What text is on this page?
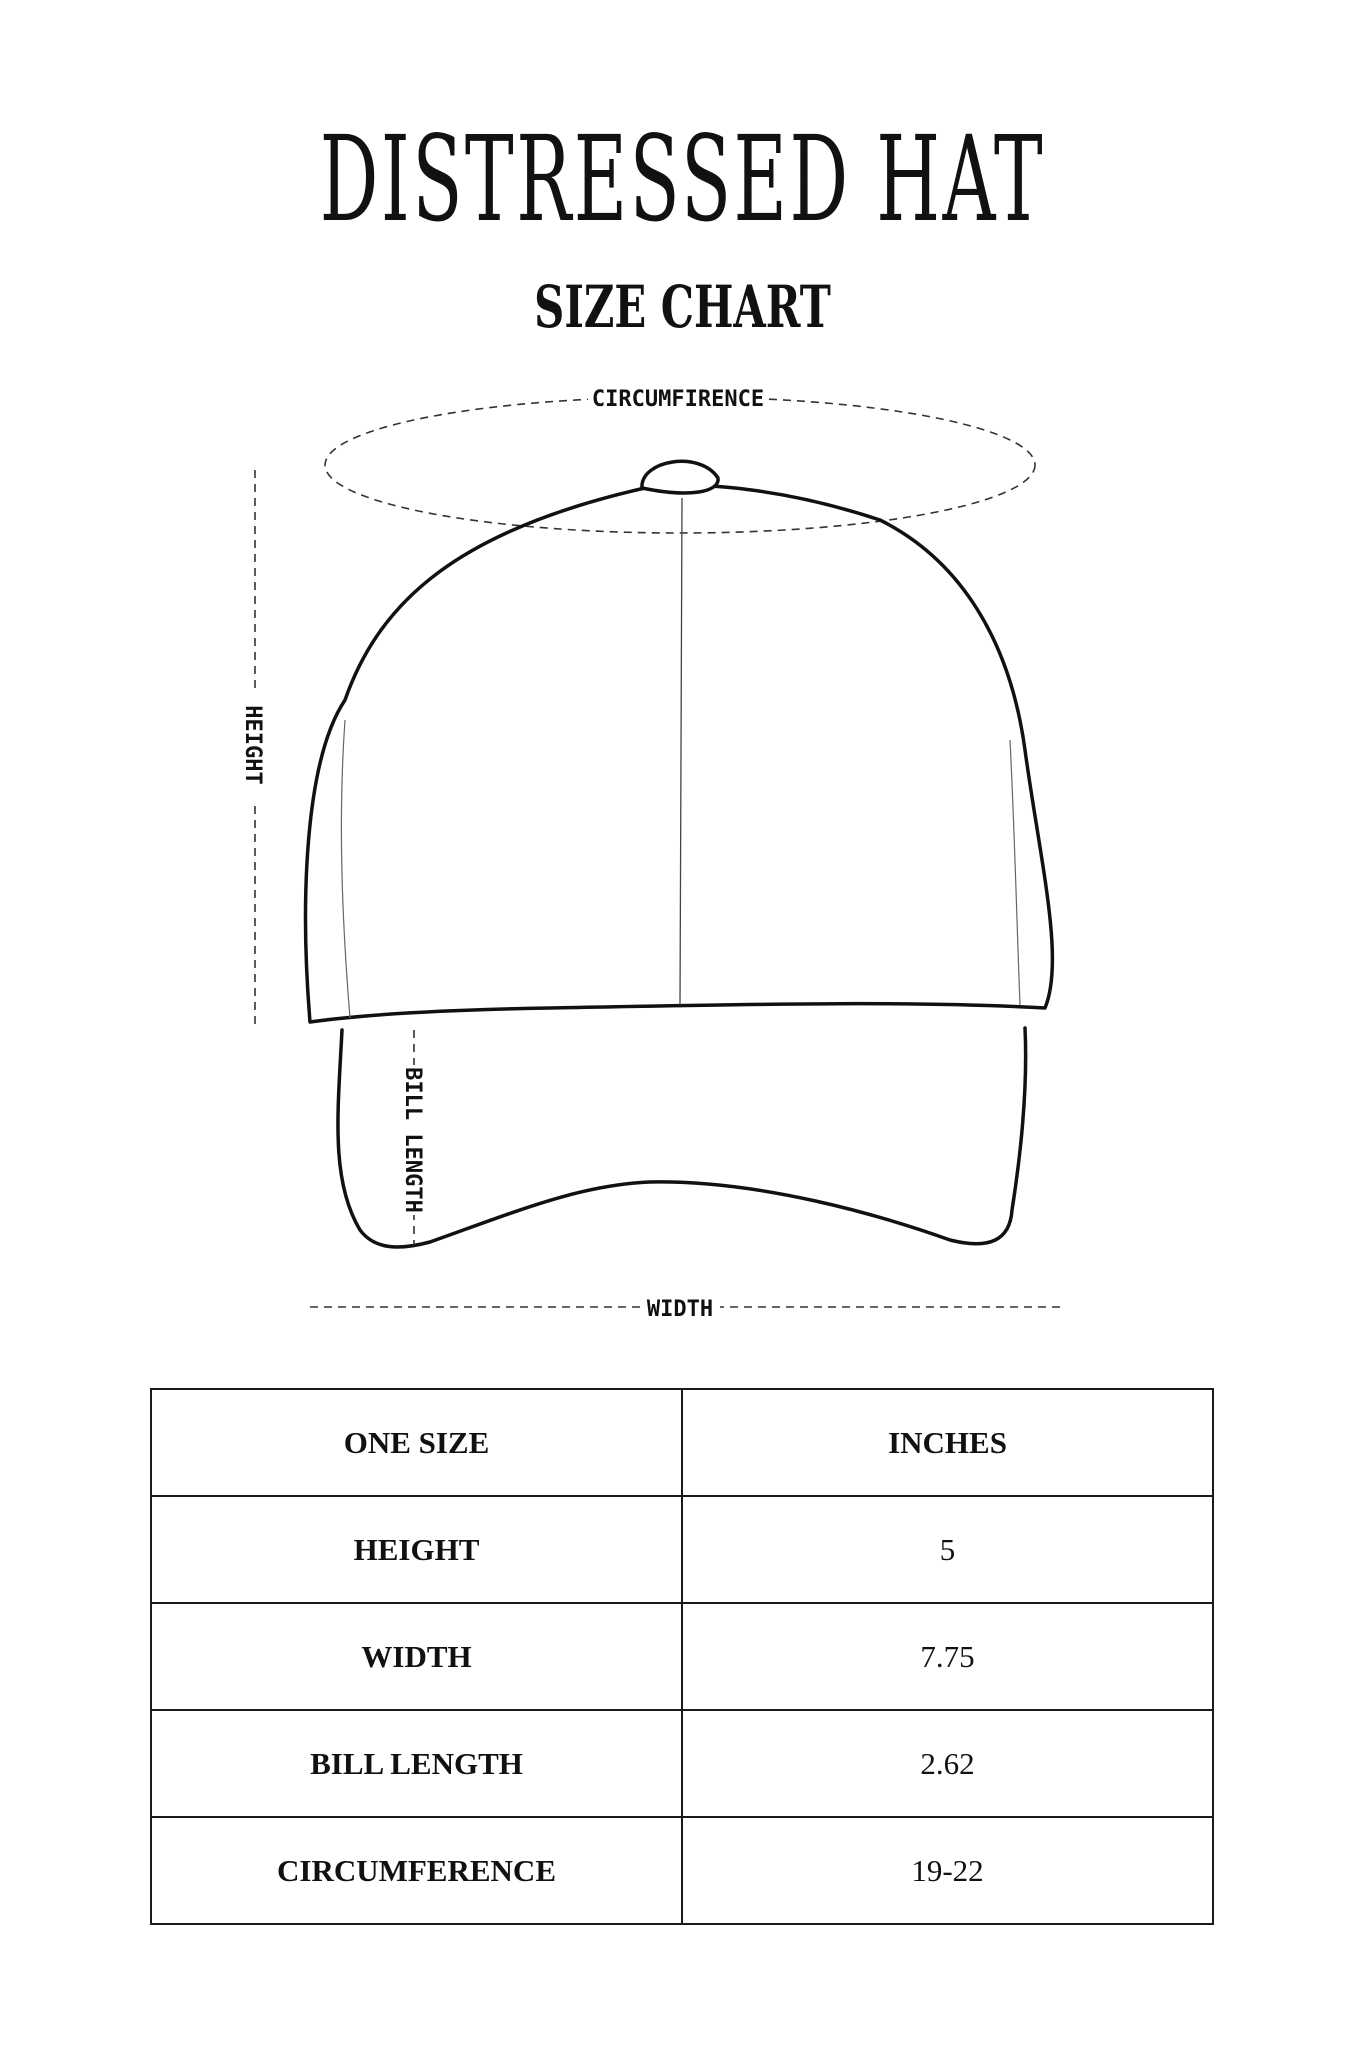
DISTRESSED HAT
SIZE CHART
CIRCUMFIRENCE
HEIGHT
BILL LENGTH
WIDTH
ONE SIZE	INCHES
HEIGHT	5
WIDTH	7.75
BILL LENGTH	2.62
CIRCUMFERENCE	19-22
